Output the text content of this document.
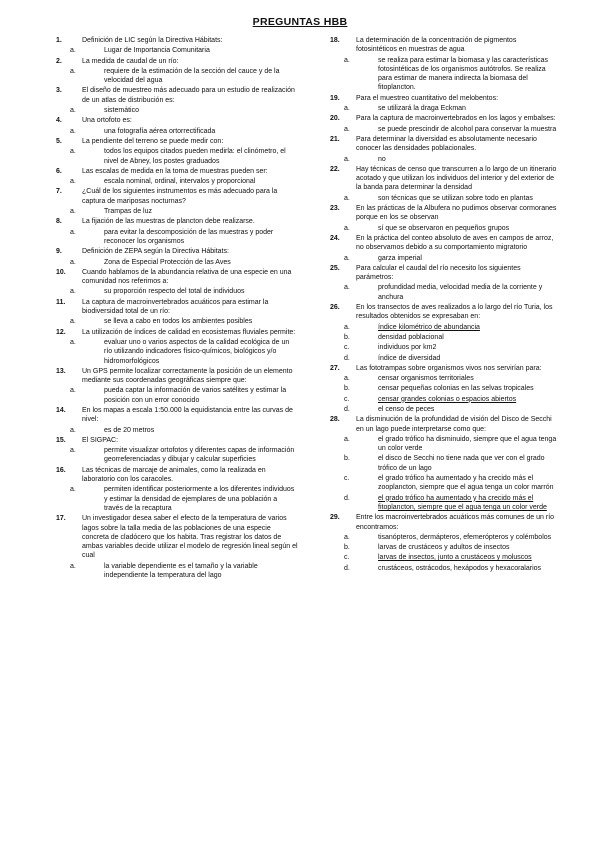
PREGUNTAS HBB
1.	Definición de LIC según la Directiva Hábitats:
a.	Lugar de Importancia Comunitaria
2.	La medida de caudal de un río:
a.	requiere de la estimación de la sección del cauce y de la velocidad del agua
3.	El diseño de muestreo más adecuado para un estudio de realización de un atlas de distribución es:
a.	sistemático
4.	Una ortofoto es:
a.	una fotografía aérea ortorrectificada
5.	La pendiente del terreno se puede medir con:
a.	todos los equipos citados pueden medirla: el clinómetro, el nivel de Abney, los postes graduados
6.	Las escalas de medida en la toma de muestras pueden ser:
a.	escala nominal, ordinal, intervalos y proporcional
7.	¿Cuál de los siguientes instrumentos es más adecuado para la captura de mariposas nocturnas?
a.	Trampas de luz
8.	La fijación de las muestras de plancton debe realizarse.
a.	para evitar la descomposición de las muestras y poder reconocer los organismos
9.	Definición de ZEPA según la Directiva Hábitats:
a.	Zona de Especial Protección de las Aves
10.	Cuando hablamos de la abundancia relativa de una especie en una comunidad nos referimos a:
a.	su proporción respecto del total de individuos
11.	La captura de macroinvertebrados acuáticos para estimar la biodiversidad total de un río:
a.	se lleva a cabo en todos los ambientes posibles
12.	La utilización de índices de calidad en ecosistemas fluviales permite:
a.	evaluar uno o varios aspectos de la calidad ecológica de un río utilizando indicadores físico-químicos, biológicos y/o hidromorfológicos
13.	Un GPS permite localizar correctamente la posición de un elemento mediante sus coordenadas geográficas siempre que:
a.	pueda captar la información de varios satélites y estimar la posición con un error conocido
14.	En los mapas a escala 1:50.000 la equidistancia entre las curvas de nivel:
a.	es de 20 metros
15.	El SIGPAC:
a.	permite visualizar ortofotos y diferentes capas de información georreferenciadas y dibujar y calcular superficies
16.	Las técnicas de marcaje de animales, como la realizada en laboratorio con los caracoles.
a.	permiten identificar posteriormente a los diferentes individuos y estimar la densidad de ejemplares de una población a través de la recaptura
17.	Un investigador desea saber el efecto de la temperatura de varios lagos sobre la talla media de las poblaciones de una especie concreta de cladócero que los habita. Tras registrar los datos de ambas variables decide utilizar el modelo de regresión lineal según el cual
a.	la variable dependiente es el tamaño y la variable independiente la temperatura del lago
18.	La determinación de la concentración de pigmentos fotosintéticos en muestras de agua
a.	se realiza para estimar la biomasa y las características fotosintéticas de los organismos autótrofos. Se realiza para estimar de manera indirecta la biomasa del fitoplancton.
19.	Para el muestreo cuantitativo del melobentos:
a.	se utilizará la draga Eckman
20.	Para la captura de macroinvertebrados en los lagos y embalses:
a.	se puede prescindir de alcohol para conservar la muestra
21.	Para determinar la diversidad es absolutamente necesario conocer las densidades poblacionales.
a.	no
22.	Hay técnicas de censo que transcurren a lo largo de un itinerario acotado y que utilizan los individuos del interior y del exterior de la banda para determinar la densidad
a.	son técnicas que se utilizan sobre todo en plantas
23.	En las prácticas de la Albufera no pudimos observar cormoranes porque en los se observan
a.	sí que se observaron en pequeños grupos
24.	En la práctica del conteo absoluto de aves en campos de arroz, no observamos debido a su comportamiento migratorio
a.	garza imperial
25.	Para calcular el caudal del río necesito los siguientes parámetros:
a.	profundidad media, velocidad media de la corriente y anchura
26.	En los transectos de aves realizados a lo largo del río Turia, los resultados obtenidos se expresaban en:
a.	índice kilométrico de abundancia
b.	densidad poblacional
c.	individuos por km2
d.	índice de diversidad
27.	Las fototrampas sobre organismos vivos nos servirían para:
a.	censar organismos territoriales
b.	censar pequeñas colonias en las selvas tropicales
c.	censar grandes colonias o espacios abiertos
d.	el censo de peces
28.	La disminución de la profundidad de visión del Disco de Secchi en un lago puede interpretarse como que:
a.	el grado trófico ha disminuido, siempre que el agua tenga un color verde
b.	el disco de Secchi no tiene nada que ver con el grado trófico de un lago
c.	el grado trófico ha aumentado y ha crecido más el zooplancton, siempre que el agua tenga un color marrón
d.	el grado trófico ha aumentado y ha crecido más el fitoplancton, siempre que el agua tenga un color verde
29.	Entre los macroinvertebrados acuáticos más comunes de un río encontramos:
a.	tisanópteros, dermápteros, efemerópteros y colémbolos
b.	larvas de crustáceos y adultos de insectos
c.	larvas de insectos, junto a crustáceos y moluscos
d.	crustáceos, ostrácodos, hexápodos y hexacoralarios
